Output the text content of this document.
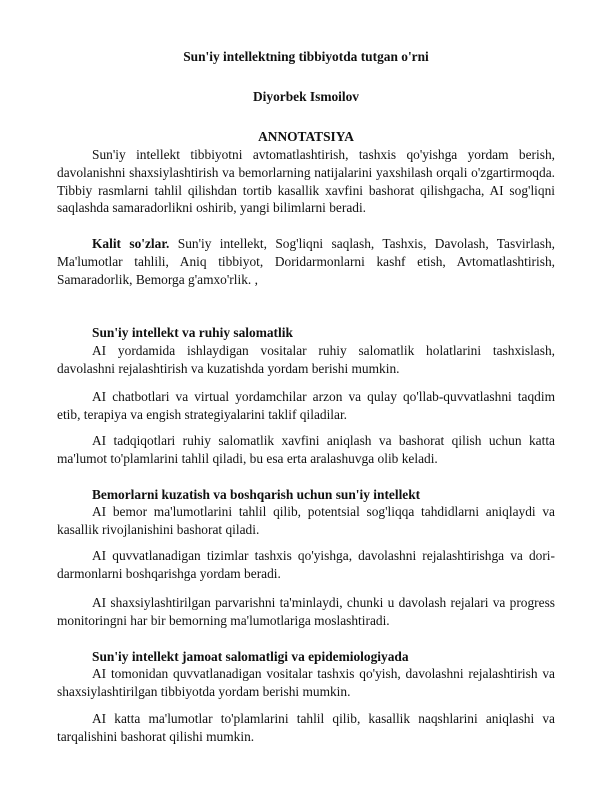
Sun'iy intellektning tibbiyotda tutgan o'rni
Diyorbek Ismoilov
ANNOTATSIYA

Sun'iy intellekt tibbiyotni avtomatlashtirish, tashxis qo'yishga yordam berish, davolanishni shaxsiylashtirish va bemorlarning natijalarini yaxshilash orqali o'zgartirmoqda. Tibbiy rasmlarni tahlil qilishdan tortib kasallik xavfini bashorat qilishgacha, AI sog'liqni saqlashda samaradorlikni oshirib, yangi bilimlarni beradi.

Kalit so'zlar. Sun'iy intellekt, Sog'liqni saqlash, Tashxis, Davolash, Tasvirlash, Ma'lumotlar tahlili, Aniq tibbiyot, Doridarmonlarni kashf etish, Avtomatlashtirish, Samaradorlik, Bemorga g'amxo'rlik. ,

Sun'iy intellekt va ruhiy salomatlik

AI yordamida ishlaydigan vositalar ruhiy salomatlik holatlarini tashxislash, davolashni rejalashtirish va kuzatishda yordam berishi mumkin.

AI chatbotlari va virtual yordamchilar arzon va qulay qo'llab-quvvatlashni taqdim etib, terapiya va engish strategiyalarini taklif qiladilar.

AI tadqiqotlari ruhiy salomatlik xavfini aniqlash va bashorat qilish uchun katta ma'lumot to'plamlarini tahlil qiladi, bu esa erta aralashuvga olib keladi.

Bemorlarni kuzatish va boshqarish uchun sun'iy intellekt

AI bemor ma'lumotlarini tahlil qilib, potentsial sog'liqqa tahdidlarni aniqlaydi va kasallik rivojlanishini bashorat qiladi.

AI quvvatlanadigan tizimlar tashxis qo'yishga, davolashni rejalashtirishga va dori-darmonlarni boshqarishga yordam beradi.

AI shaxsiylashtirilgan parvarishni ta'minlaydi, chunki u davolash rejalari va progress monitoringni har bir bemorning ma'lumotlariga moslashtiradi.

Sun'iy intellekt jamoat salomatligi va epidemiologiyada

AI tomonidan quvvatlanadigan vositalar tashxis qo'yish, davolashni rejalashtirish va shaxsiylashtirilgan tibbiyotda yordam berishi mumkin.

AI katta ma'lumotlar to'plamlarini tahlil qilib, kasallik naqshlarini aniqlashi va tarqalishini bashorat qilishi mumkin.
